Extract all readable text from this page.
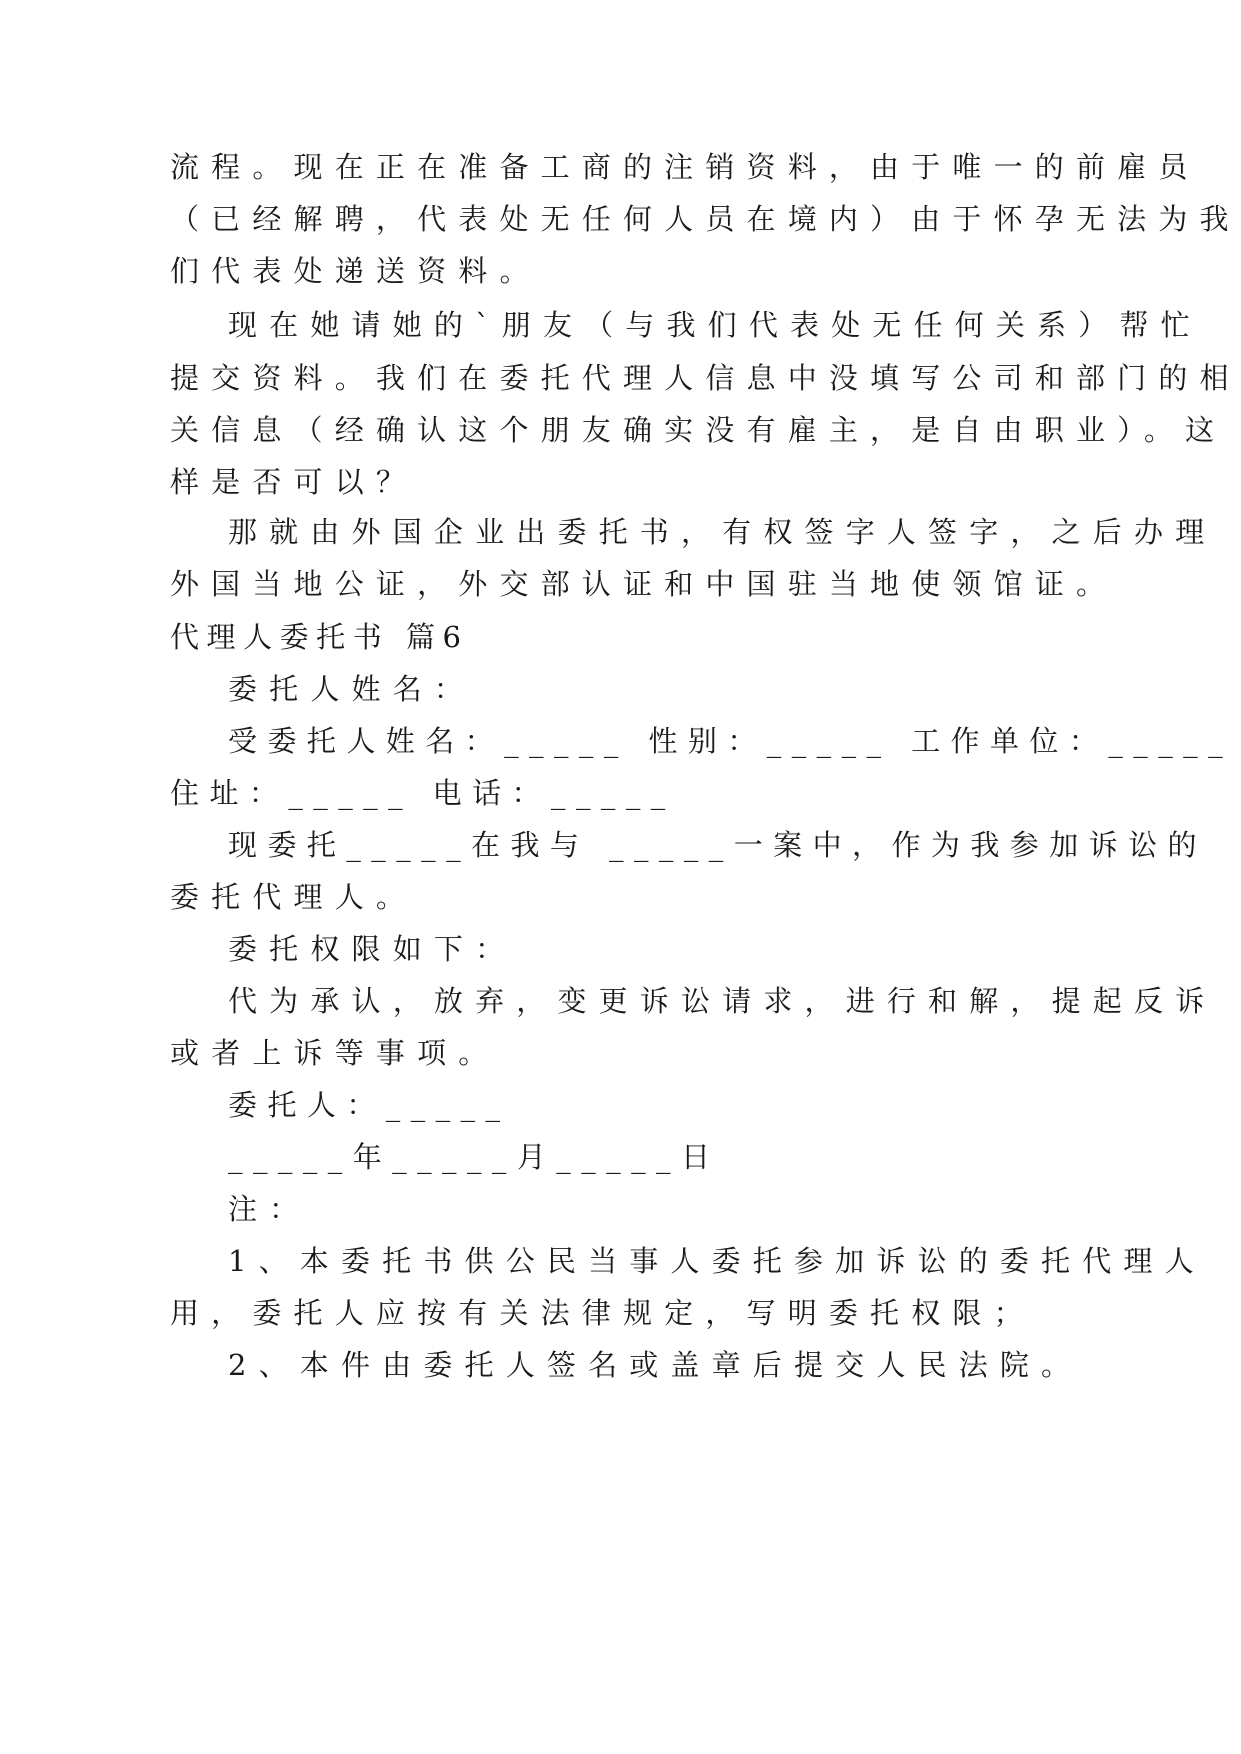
流程。现在正在准备工商的注销资料，由于唯一的前雇员

（已经解聘，代表处无任何人员在境内）由于怀孕无法为我

们代表处递送资料。

现在她请她的`朋友（与我们代表处无任何关系）帮忙

提交资料。我们在委托代理人信息中没填写公司和部门的相

关信息（经确认这个朋友确实没有雇主，是自由职业）。这

样是否可以？

那就由外国企业出委托书，有权签字人签字，之后办理

外国当地公证，外交部认证和中国驻当地使领馆证。

代理人委托书 篇6

委托人姓名：

受委托人姓名：_____ 性别：_____ 工作单位：_____

住址：_____ 电话：_____

现委托_____在我与 _____一案中，作为我参加诉讼的

委托代理人。

委托权限如下：

代为承认，放弃，变更诉讼请求，进行和解，提起反诉

或者上诉等事项。

委托人：_____

_____年_____月_____日

注：

1、本委托书供公民当事人委托参加诉讼的委托代理人

用，委托人应按有关法律规定，写明委托权限；

2、本件由委托人签名或盖章后提交人民法院。
